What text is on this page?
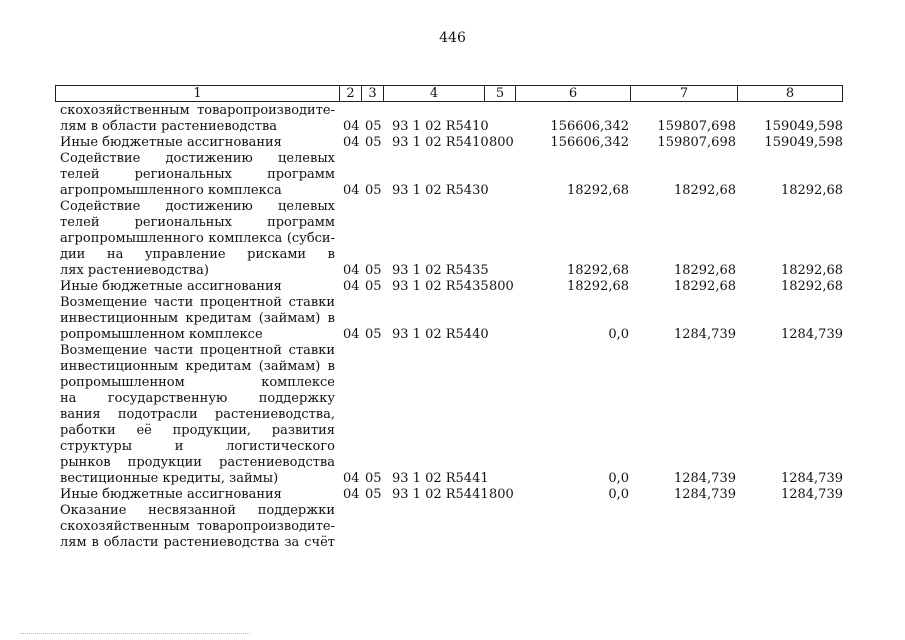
446
1	2	3	4	5	6	7	8
скохозяйственным товаропроизводите-
лям в области растениеводства	04 05 93 1 02 R5410	156606,342 159807,698 159049,598
Иные бюджетные ассигнования	04 05 93 1 02 R5410 800	156606,342 159807,698 159049,598
Содействие достижению целевых
телей региональных программ
агропромышленного комплекса	04 05 93 1 02 R5430	18292,68	18292,68	18292,68
Содействие достижению целевых
телей региональных программ
агропромышленного комплекса (субси-
дии на управление рисками в
лях растениеводства)	04 05 93 1 02 R5435	18292,68	18292,68	18292,68
Иные бюджетные ассигнования	04 05 93 1 02 R5435 800	18292,68	18292,68	18292,68
Возмещение части процентной ставки
инвестиционным кредитам (займам) в
ропромышленном комплексе	04 05 93 1 02 R5440	0,0	1284,739	1284,739
Возмещение части процентной ставки
инвестиционным кредитам (займам) в
ропромышленном комплексе
на государственную поддержку
вания подотрасли растениеводства,
работки её продукции, развития
структуры и логистического
рынков продукции растениеводства
вестиционные кредиты, займы)	04 05 93 1 02 R5441	0,0	1284,739	1284,739
Иные бюджетные ассигнования	04 05 93 1 02 R5441 800	0,0	1284,739	1284,739
Оказание несвязанной поддержки
скохозяйственным товаропроизводите-
лям в области растениеводства за счёт
